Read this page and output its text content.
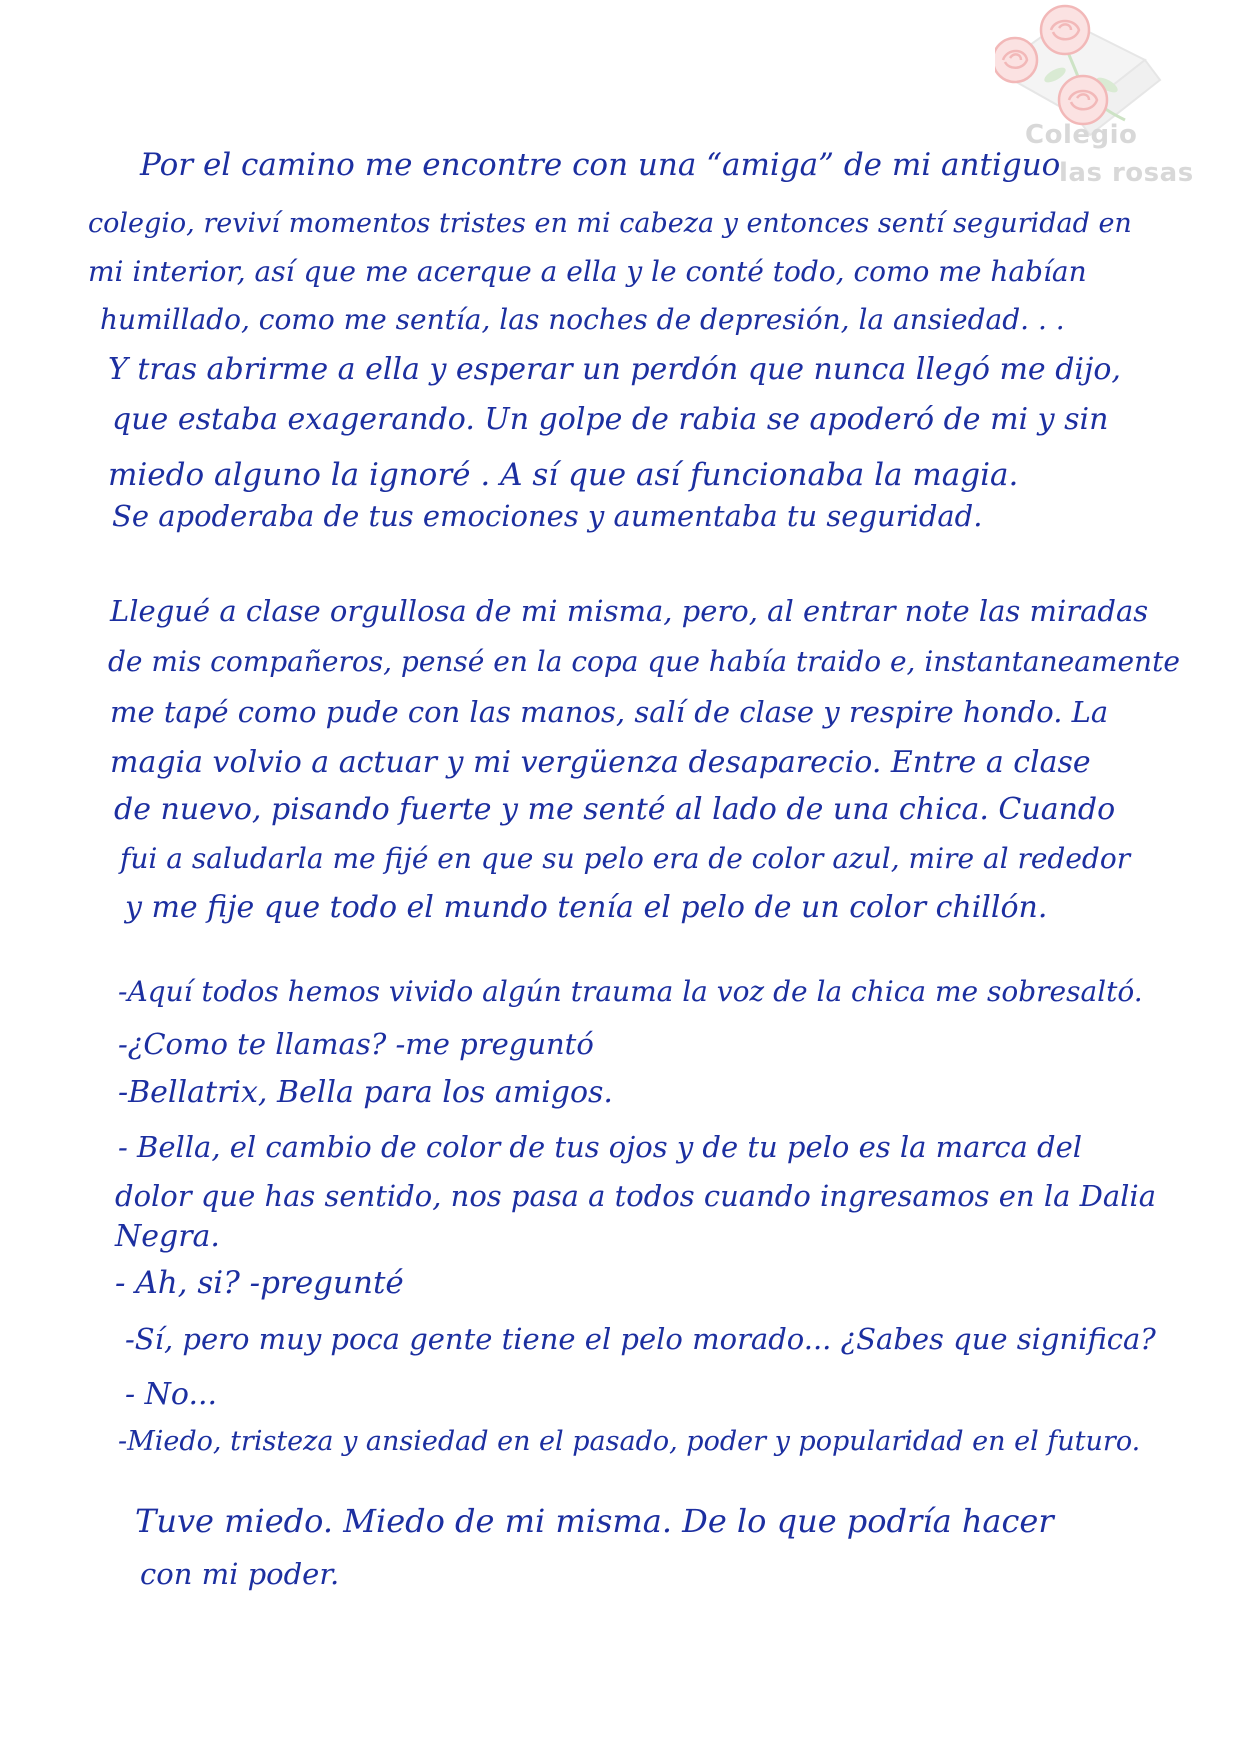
Colegio
las rosas
Por el camino me encontre con una “amiga” de mi antiguo
colegio, reviví momentos tristes en mi cabeza y entonces sentí seguridad en
mi interior, así que me acerque a ella y le conté todo, como me habían
humillado, como me sentía, las noches de depresión, la ansiedad. . .
Y tras abrirme a ella y esperar un perdón que nunca llegó me dijo,
que estaba exagerando. Un golpe de rabia se apoderó de mi y sin
miedo alguno la ignoré . A sí que así funcionaba la magia.
Se apoderaba de tus emociones y aumentaba tu seguridad.
Llegué a clase orgullosa de mi misma, pero, al entrar note las miradas
de mis compañeros, pensé en la copa que había traido e, instantaneamente
me tapé como pude con las manos, salí de clase y respire hondo. La
magia volvio a actuar y mi vergüenza desaparecio. Entre a clase
de nuevo, pisando fuerte y me senté al lado de una chica. Cuando
fui a saludarla me fijé en que su pelo era de color azul, mire al rededor
y me fije que todo el mundo tenía el pelo de un color chillón.
-Aquí todos hemos vivido algún trauma la voz de la chica me sobresaltó.
-¿Como te llamas? -me preguntó
-Bellatrix, Bella para los amigos.
- Bella, el cambio de color de tus ojos y de tu pelo es la marca del
dolor que has sentido, nos pasa a todos cuando ingresamos en la Dalia
Negra.
- Ah, si? -pregunté
-Sí, pero muy poca gente tiene el pelo morado... ¿Sabes que significa?
- No...
-Miedo, tristeza y ansiedad en el pasado, poder y popularidad en el futuro.
Tuve miedo. Miedo de mi misma. De lo que podría hacer
con mi poder.
